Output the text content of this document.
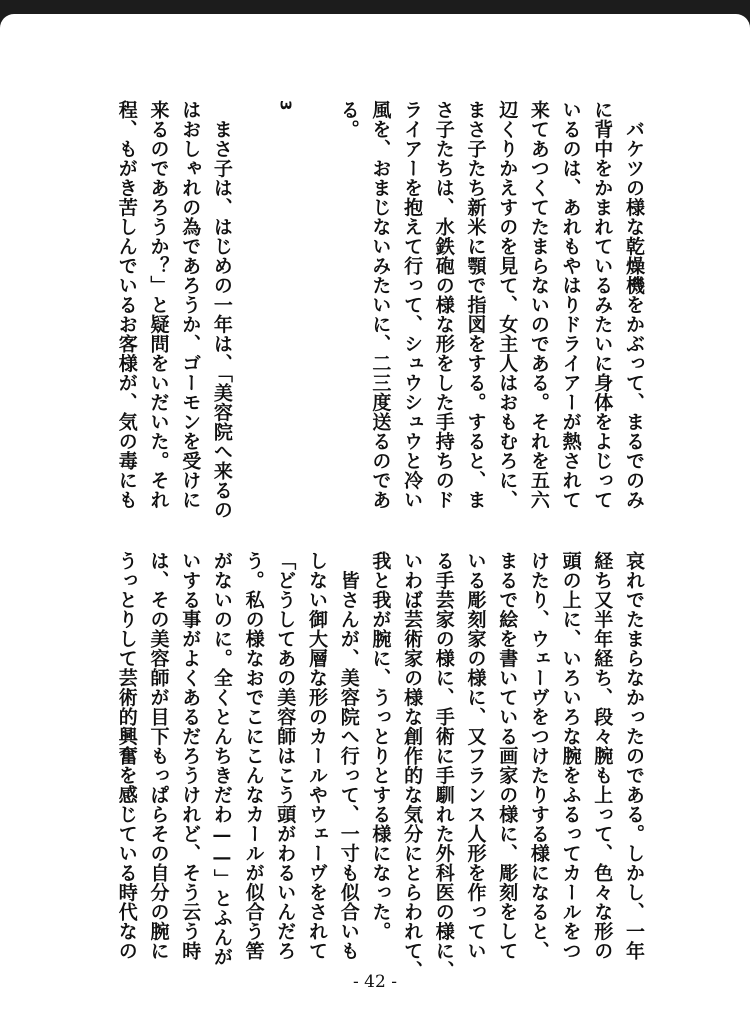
　バケツの様な乾燥機をかぶって、まるでのみ
に背中をかまれているみたいに身体をよじって
いるのは、あれもやはりドライアーが熱されて
来てあつくてたまらないのである。それを五六
辺くりかえすのを見て、女主人はおもむろに、
まさ子たち新米に顎で指図をする。すると、ま
さ子たちは、水鉄砲の様な形をした手持ちのド
ライアーを抱えて行って、シュウシュウと冷い
風を、おまじないみたいに、二三度送るのであ
る。
3
　まさ子は、はじめの一年は、「美容院へ来るの
はおしゃれの為であろうか、ゴーモンを受けに
来るのであろうか？」と疑問をいだいた。それ
程、もがき苦しんでいるお客様が、気の毒にも
哀れでたまらなかったのである。しかし、一年
経ち又半年経ち、段々腕も上って、色々な形の
頭の上に、いろいろな腕をふるってカールをつ
けたり、ウェーヴをつけたりする様になると、
まるで絵を書いている画家の様に、彫刻をして
いる彫刻家の様に、又フランス人形を作ってい
る手芸家の様に、手術に手馴れた外科医の様に、
いわば芸術家の様な創作的な気分にとらわれて、
我と我が腕に、うっとりとする様になった。
　皆さんが、美容院へ行って、一寸も似合いも
しない御大層な形のカールやウェーヴをされて
「どうしてあの美容師はこう頭がわるいんだろ
う。私の様なおでこにこんなカールが似合う筈
がないのに。全くとんちきだわ——」とふんが
いする事がよくあるだろうけれど、そう云う時
は、その美容師が目下もっぱらその自分の腕に
うっとりして芸術的興奮を感じている時代なの
- 42 -
